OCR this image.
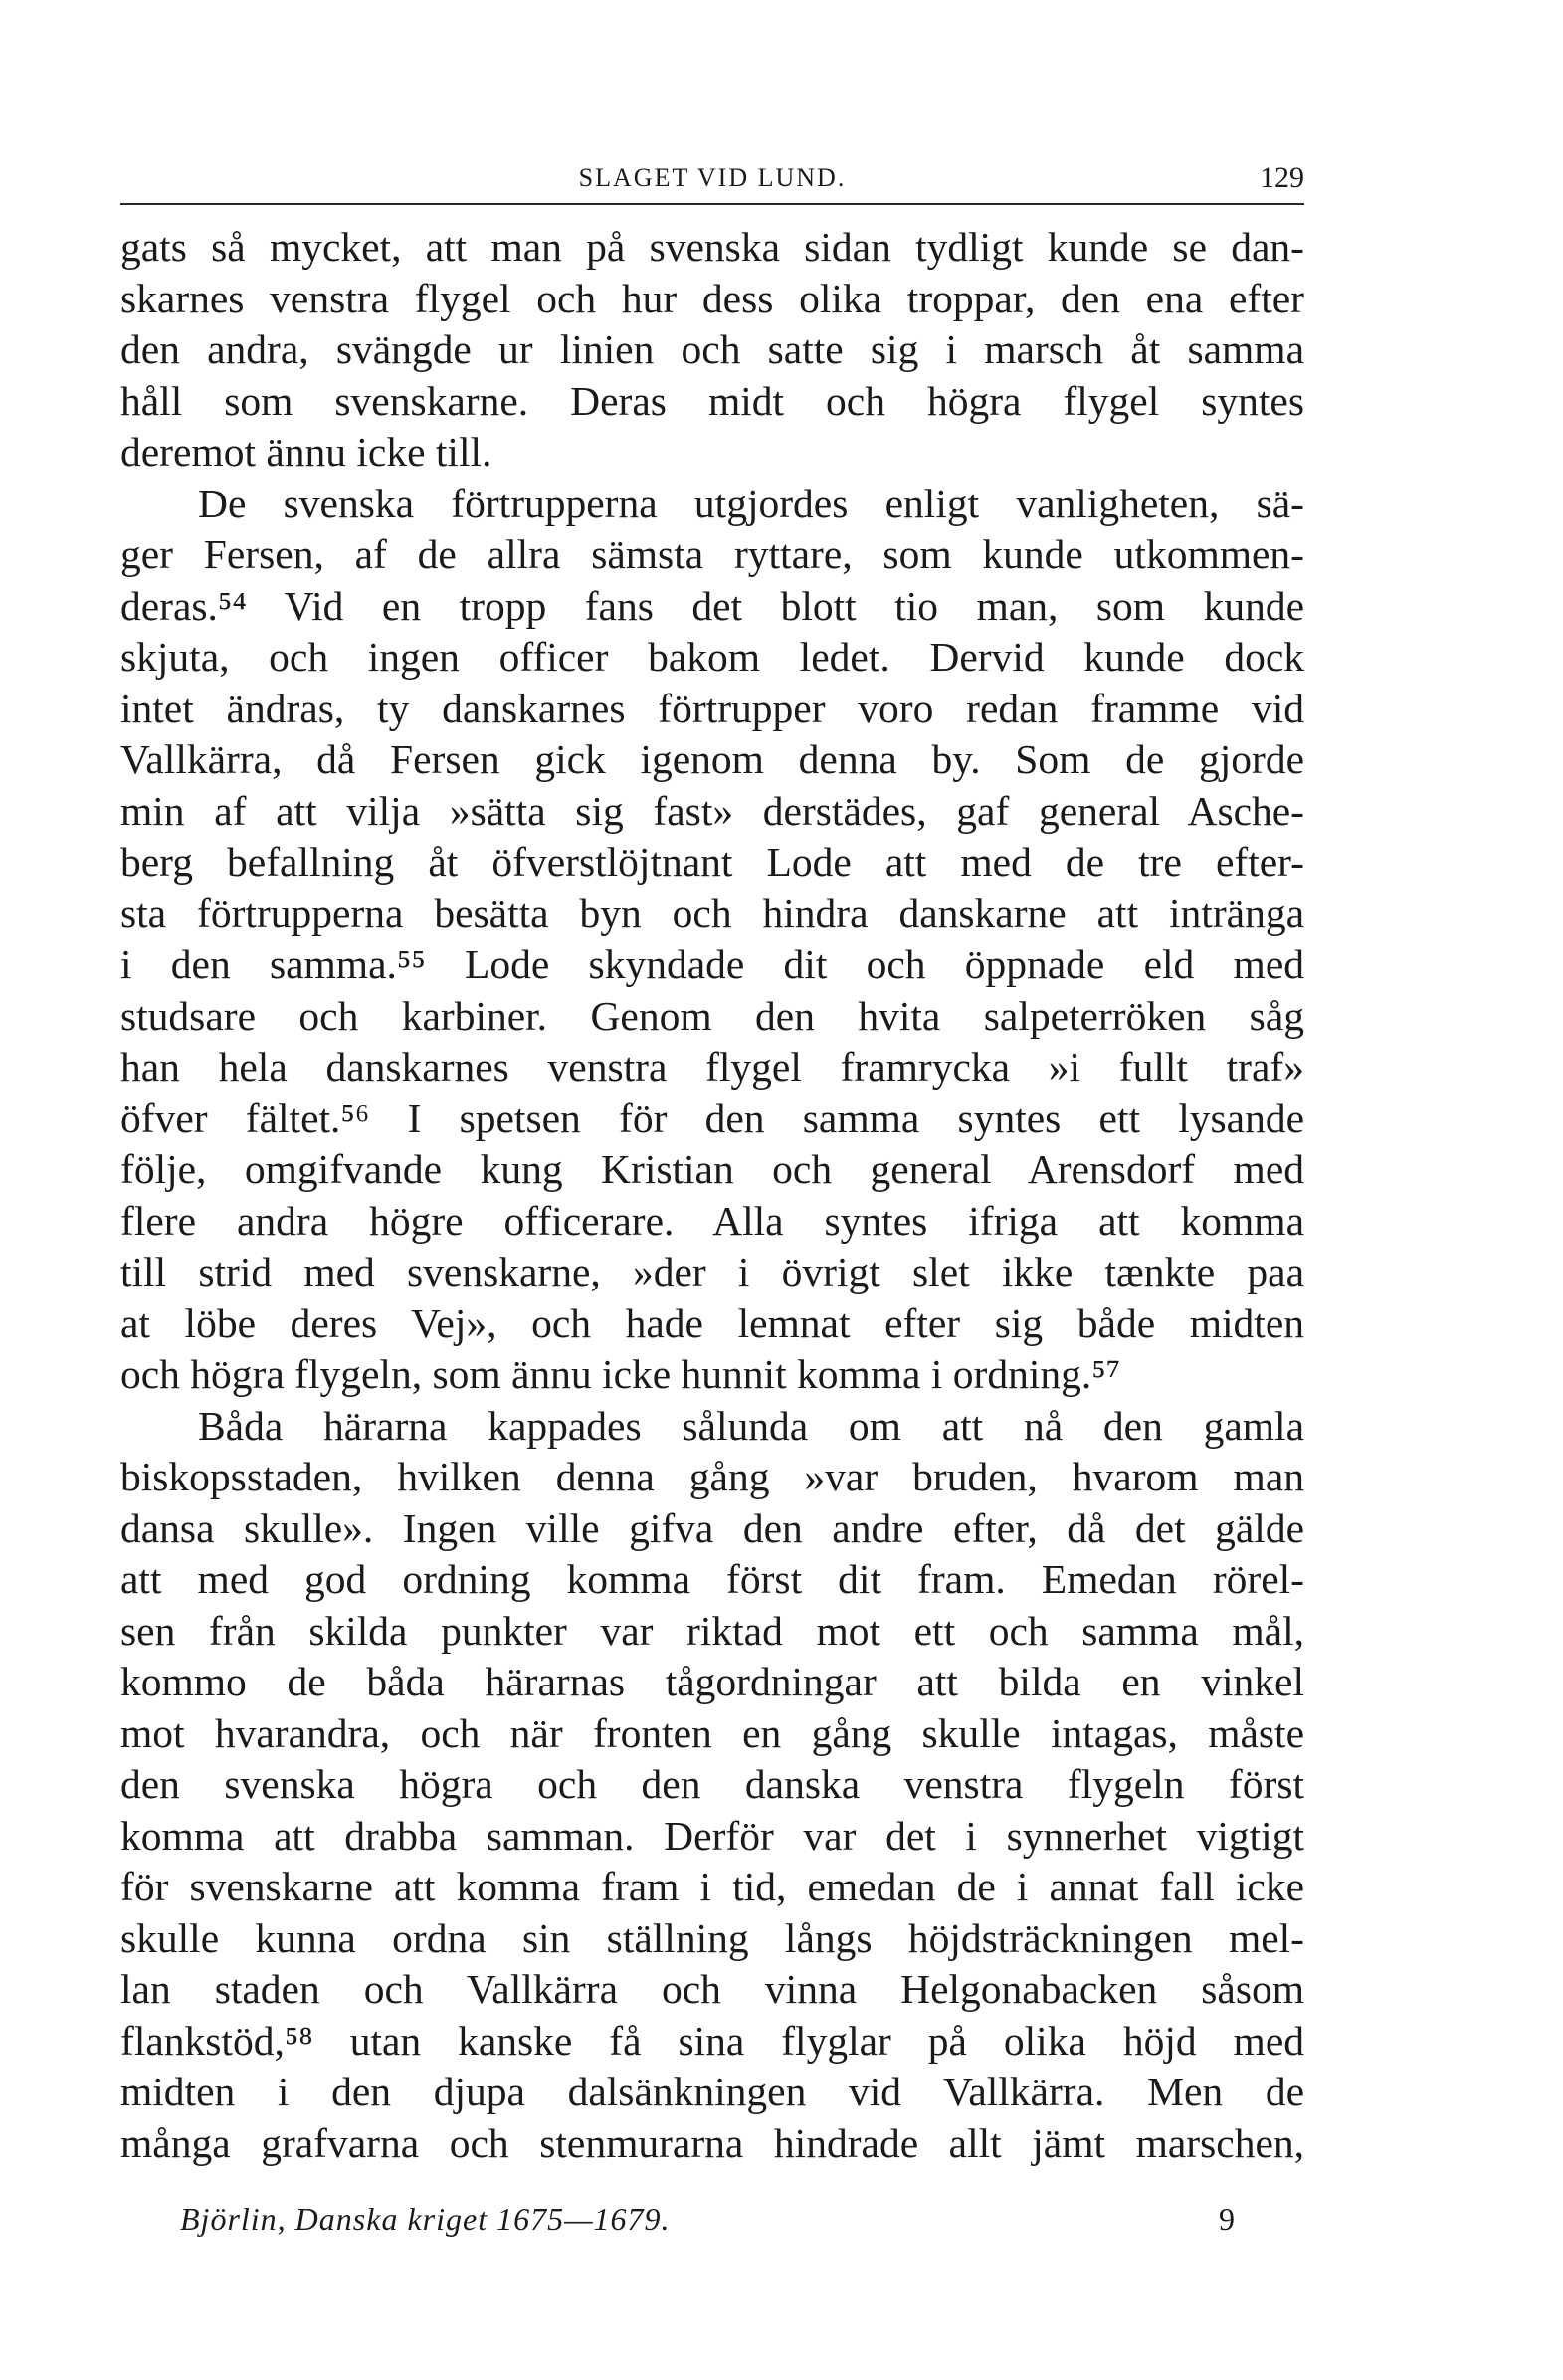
SLAGET VID LUND.	129
gats så mycket, att man på svenska sidan tydligt kunde se dan-
skarnes venstra flygel och hur dess olika troppar, den ena efter
den andra, svängde ur linien och satte sig i marsch åt samma
håll som svenskarne. Deras midt och högra flygel syntes
deremot ännu icke till.
De svenska förtrupperna utgjordes enligt vanligheten, sä-
ger Fersen, af de allra sämsta ryttare, som kunde utkommen-
deras.⁵⁴ Vid en tropp fans det blott tio man, som kunde
skjuta, och ingen officer bakom ledet. Dervid kunde dock
intet ändras, ty danskarnes förtrupper voro redan framme vid
Vallkärra, då Fersen gick igenom denna by. Som de gjorde
min af att vilja »sätta sig fast» derstädes, gaf general Asche-
berg befallning åt öfverstlöjtnant Lode att med de tre efter-
sta förtrupperna besätta byn och hindra danskarne att intränga
i den samma.⁵⁵ Lode skyndade dit och öppnade eld med
studsare och karbiner. Genom den hvita salpeterröken såg
han hela danskarnes venstra flygel framrycka »i fullt traf»
öfver fältet.⁵⁶ I spetsen för den samma syntes ett lysande
följe, omgifvande kung Kristian och general Arensdorf med
flere andra högre officerare. Alla syntes ifriga att komma
till strid med svenskarne, »der i övrigt slet ikke tænkte paa
at löbe deres Vej», och hade lemnat efter sig både midten
och högra flygeln, som ännu icke hunnit komma i ordning.⁵⁷
Båda härarna kappades sålunda om att nå den gamla
biskopsstaden, hvilken denna gång »var bruden, hvarom man
dansa skulle». Ingen ville gifva den andre efter, då det gälde
att med god ordning komma först dit fram. Emedan rörel-
sen från skilda punkter var riktad mot ett och samma mål,
kommo de båda härarnas tågordningar att bilda en vinkel
mot hvarandra, och när fronten en gång skulle intagas, måste
den svenska högra och den danska venstra flygeln först
komma att drabba samman. Derför var det i synnerhet vigtigt
för svenskarne att komma fram i tid, emedan de i annat fall icke
skulle kunna ordna sin ställning långs höjdsträckningen mel-
lan staden och Vallkärra och vinna Helgonabacken såsom
flankstöd,⁵⁸ utan kanske få sina flyglar på olika höjd med
midten i den djupa dalsänkningen vid Vallkärra. Men de
många grafvarna och stenmurarna hindrade allt jämt marschen,
Björlin, Danska kriget 1675—1679.	9
